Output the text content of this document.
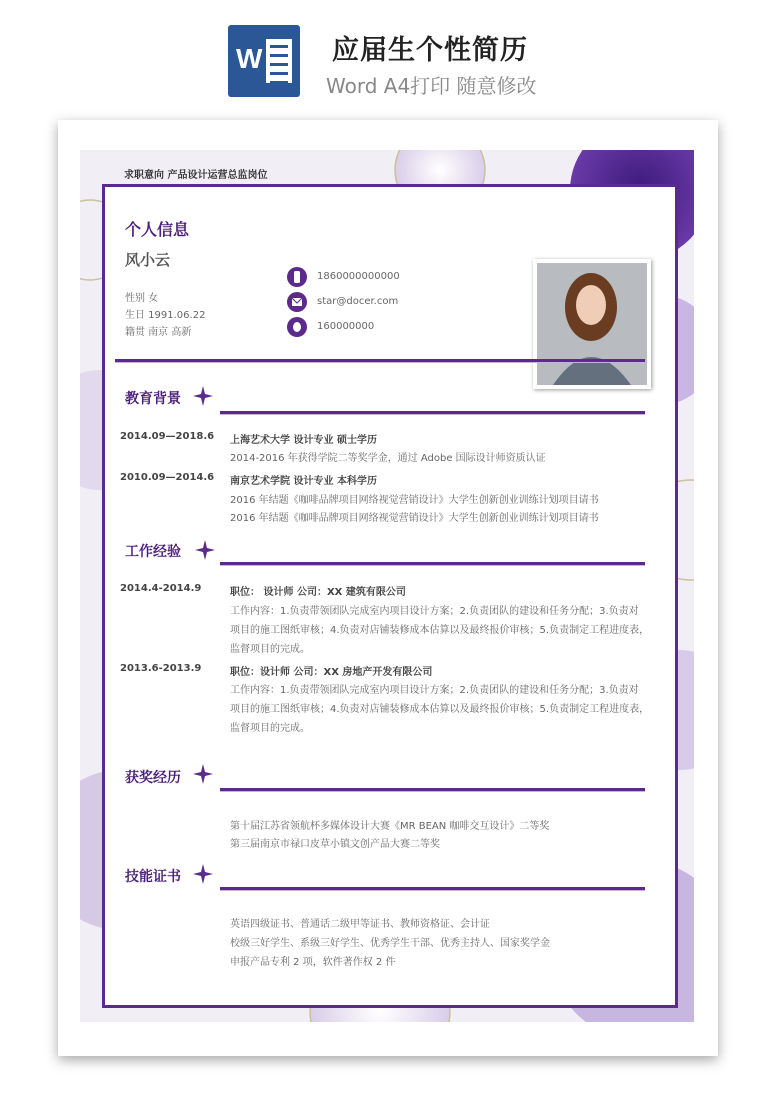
W	应届生个性简历
Word A4打印 随意修改
求职意向 产品设计运营总监岗位
个人信息
风小云
性别 女
生日 1991.06.22
籍贯 南京 高新
1860000000000
star@docer.com
160000000
教育背景
2014.09—2018.6 上海艺术大学 设计专业 硕士学历
2014-2016 年获得学院二等奖学金，通过 Adobe 国际设计师资质认证
2010.09—2014.6 南京艺术学院 设计专业 本科学历
2016 年结题《咖啡品牌项目网络视觉营销设计》大学生创新创业训练计划项目请书
2016 年结题《咖啡品牌项目网络视觉营销设计》大学生创新创业训练计划项目请书
工作经验
2014.4-2014.9	职位： 设计师 公司：XX 建筑有限公司
工作内容：1.负责带领团队完成室内项目设计方案；2.负责团队的建设和任务分配；3.负责对
项目的施工图纸审核；4.负责对店铺装修成本估算以及最终报价审核；5.负责制定工程进度表，
监督项目的完成。
2013.6-2013.9	职位：设计师 公司：XX 房地产开发有限公司
工作内容：1.负责带领团队完成室内项目设计方案；2.负责团队的建设和任务分配；3.负责对
项目的施工图纸审核；4.负责对店铺装修成本估算以及最终报价审核；5.负责制定工程进度表，
监督项目的完成。
获奖经历
第十届江苏省领航杯多媒体设计大赛《MR BEAN 咖啡交互设计》二等奖
第三届南京市禄口皮草小镇文创产品大赛二等奖
技能证书
英语四级证书、普通话二级甲等证书、教师资格证、会计证
校级三好学生、系级三好学生、优秀学生干部、优秀主持人、国家奖学金
申报产品专利 2 项，软件著作权 2 件
